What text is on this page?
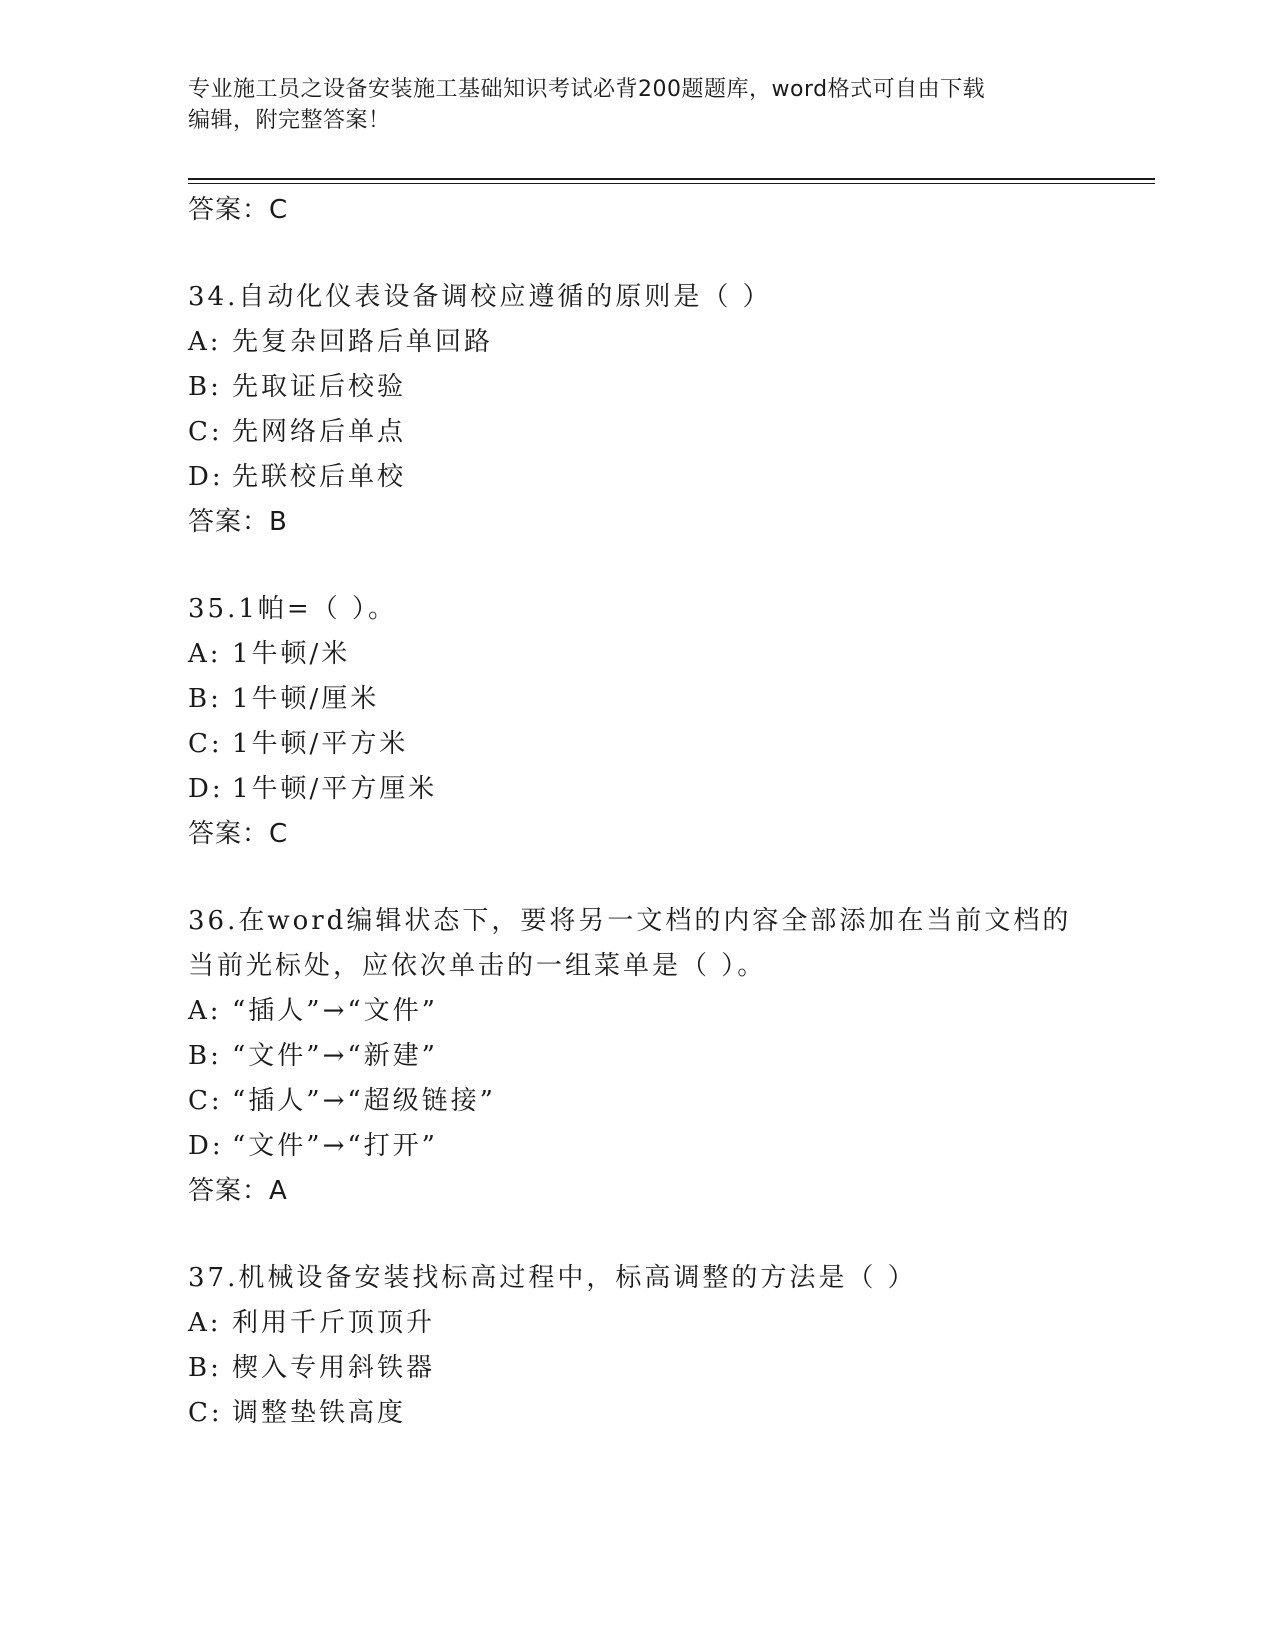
专业施工员之设备安装施工基础知识考试必背200题题库，word格式可自由下载
编辑，附完整答案！
答案：C
34.自动化仪表设备调校应遵循的原则是（ ）
A: 先复杂回路后单回路
B: 先取证后校验
C: 先网络后单点
D: 先联校后单校
答案：B
35.1帕=（ ）。
A: 1牛顿/米
B: 1牛顿/厘米
C: 1牛顿/平方米
D: 1牛顿/平方厘米
答案：C
36.在word编辑状态下，要将另一文档的内容全部添加在当前文档的
当前光标处，应依次单击的一组菜单是（ ）。
A: “插人”→“文件”
B: “文件”→“新建”
C: “插人”→“超级链接”
D: “文件”→“打开”
答案：A
37.机械设备安装找标高过程中，标高调整的方法是（ ）
A: 利用千斤顶顶升
B: 楔入专用斜铁器
C: 调整垫铁高度
